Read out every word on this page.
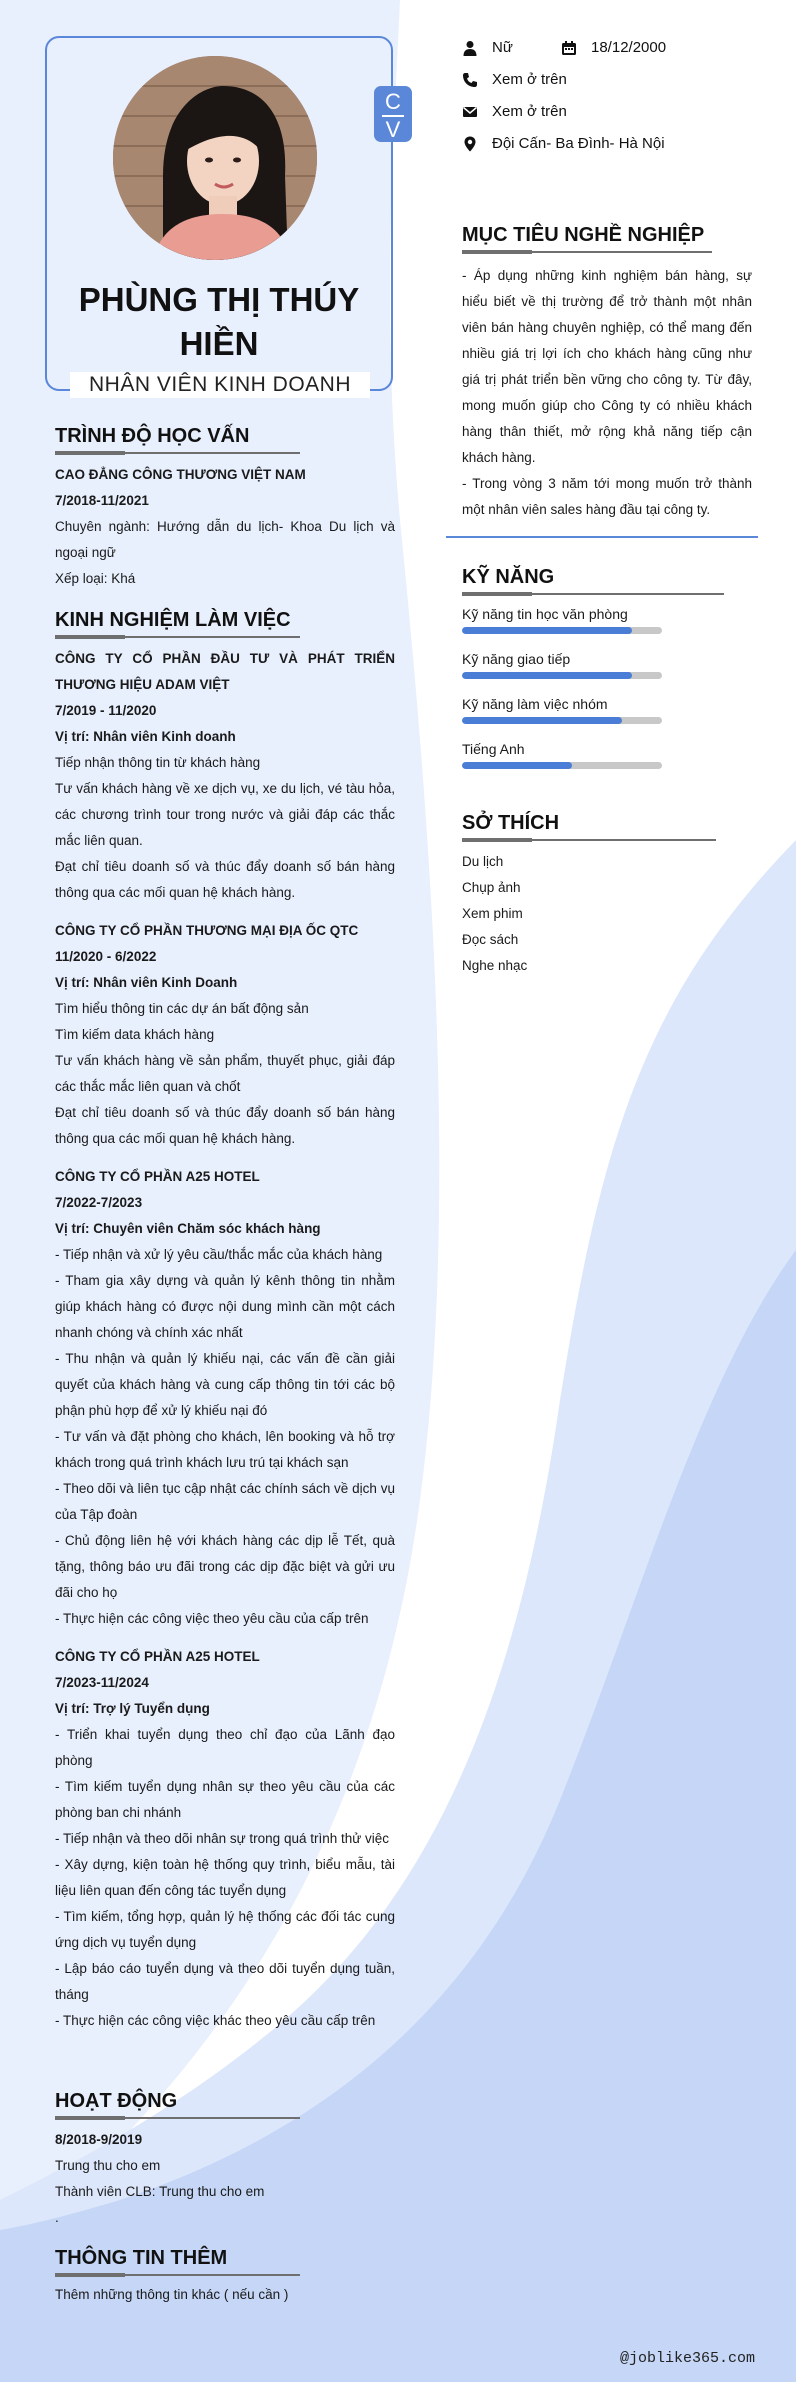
C
V
PHÙNG THỊ THÚY HIỀN
NHÂN VIÊN KINH DOANH
Nữ	18/12/2000
Xem ở trên
Xem ở trên
Đội Cấn- Ba Đình- Hà Nội
MỤC TIÊU NGHỀ NGHIỆP

- Áp dụng những kinh nghiệm bán hàng, sự hiểu biết về thị trường để trở thành một nhân viên bán hàng chuyên nghiệp, có thể mang đến nhiều giá trị lợi ích cho khách hàng cũng như giá trị phát triển bền vững cho công ty. Từ đây, mong muốn giúp cho Công ty có nhiều khách hàng thân thiết, mở rộng khả năng tiếp cận khách hàng.

- Trong vòng 3 năm tới mong muốn trở thành một nhân viên sales hàng đầu tại công ty.

KỸ NĂNG
Kỹ năng tin học văn phòng
Kỹ năng giao tiếp
Kỹ năng làm việc nhóm
Tiếng Anh
SỞ THÍCH
Du lịch
Chụp ảnh
Xem phim
Đọc sách
Nghe nhạc
TRÌNH ĐỘ HỌC VẤN
CAO ĐẲNG CÔNG THƯƠNG VIỆT NAM
7/2018-11/2021
Chuyên ngành: Hướng dẫn du lịch- Khoa Du lịch và ngoại ngữ
Xếp loại: Khá
KINH NGHIỆM LÀM VIỆC
CÔNG TY CỔ PHẦN ĐẦU TƯ VÀ PHÁT TRIỂN THƯƠNG HIỆU ADAM VIỆT
7/2019 - 11/2020
Vị trí: Nhân viên Kinh doanh
Tiếp nhận thông tin từ khách hàng
Tư vấn khách hàng về xe dịch vụ, xe du lịch, vé tàu hỏa, các chương trình tour trong nước và giải đáp các thắc mắc liên quan.
Đạt chỉ tiêu doanh số và thúc đẩy doanh số bán hàng thông qua các mối quan hệ khách hàng.
CÔNG TY CỔ PHẦN THƯƠNG MẠI ĐỊA ỐC QTC
11/2020 - 6/2022
Vị trí: Nhân viên Kinh Doanh
Tìm hiểu thông tin các dự án bất động sản
Tìm kiếm data khách hàng
Tư vấn khách hàng về sản phẩm, thuyết phục, giải đáp các thắc mắc liên quan và chốt
Đạt chỉ tiêu doanh số và thúc đẩy doanh số bán hàng thông qua các mối quan hệ khách hàng.
CÔNG TY CỔ PHẦN A25 HOTEL
7/2022-7/2023
Vị trí: Chuyên viên Chăm sóc khách hàng
- Tiếp nhận và xử lý yêu cầu/thắc mắc của khách hàng
- Tham gia xây dựng và quản lý kênh thông tin nhằm giúp khách hàng có được nội dung mình cần một cách nhanh chóng và chính xác nhất
- Thu nhận và quản lý khiếu nại, các vấn đề cần giải quyết của khách hàng và cung cấp thông tin tới các bộ phận phù hợp để xử lý khiếu nại đó
- Tư vấn và đặt phòng cho khách, lên booking và hỗ trợ khách trong quá trình khách lưu trú tại khách sạn
- Theo dõi và liên tục cập nhật các chính sách về dịch vụ của Tập đoàn
- Chủ động liên hệ với khách hàng các dịp lễ Tết, quà tặng, thông báo ưu đãi trong các dịp đặc biệt và gửi ưu đãi cho họ
- Thực hiện các công việc theo yêu cầu của cấp trên
CÔNG TY CỔ PHẦN A25 HOTEL
7/2023-11/2024
Vị trí: Trợ lý Tuyển dụng
- Triển khai tuyển dụng theo chỉ đạo của Lãnh đạo phòng
- Tìm kiếm tuyển dụng nhân sự theo yêu cầu của các phòng ban chi nhánh
- Tiếp nhận và theo dõi nhân sự trong quá trình thử việc
- Xây dựng, kiện toàn hệ thống quy trình, biểu mẫu, tài liệu liên quan đến công tác tuyển dụng
- Tìm kiếm, tổng hợp, quản lý hệ thống các đối tác cung ứng dịch vụ tuyển dụng
- Lập báo cáo tuyển dụng và theo dõi tuyển dụng tuần, tháng
- Thực hiện các công việc khác theo yêu cầu cấp trên
HOẠT ĐỘNG
8/2018-9/2019
Trung thu cho em
Thành viên CLB: Trung thu cho em
.
THÔNG TIN THÊM
Thêm những thông tin khác ( nếu cần )
@joblike365.com
